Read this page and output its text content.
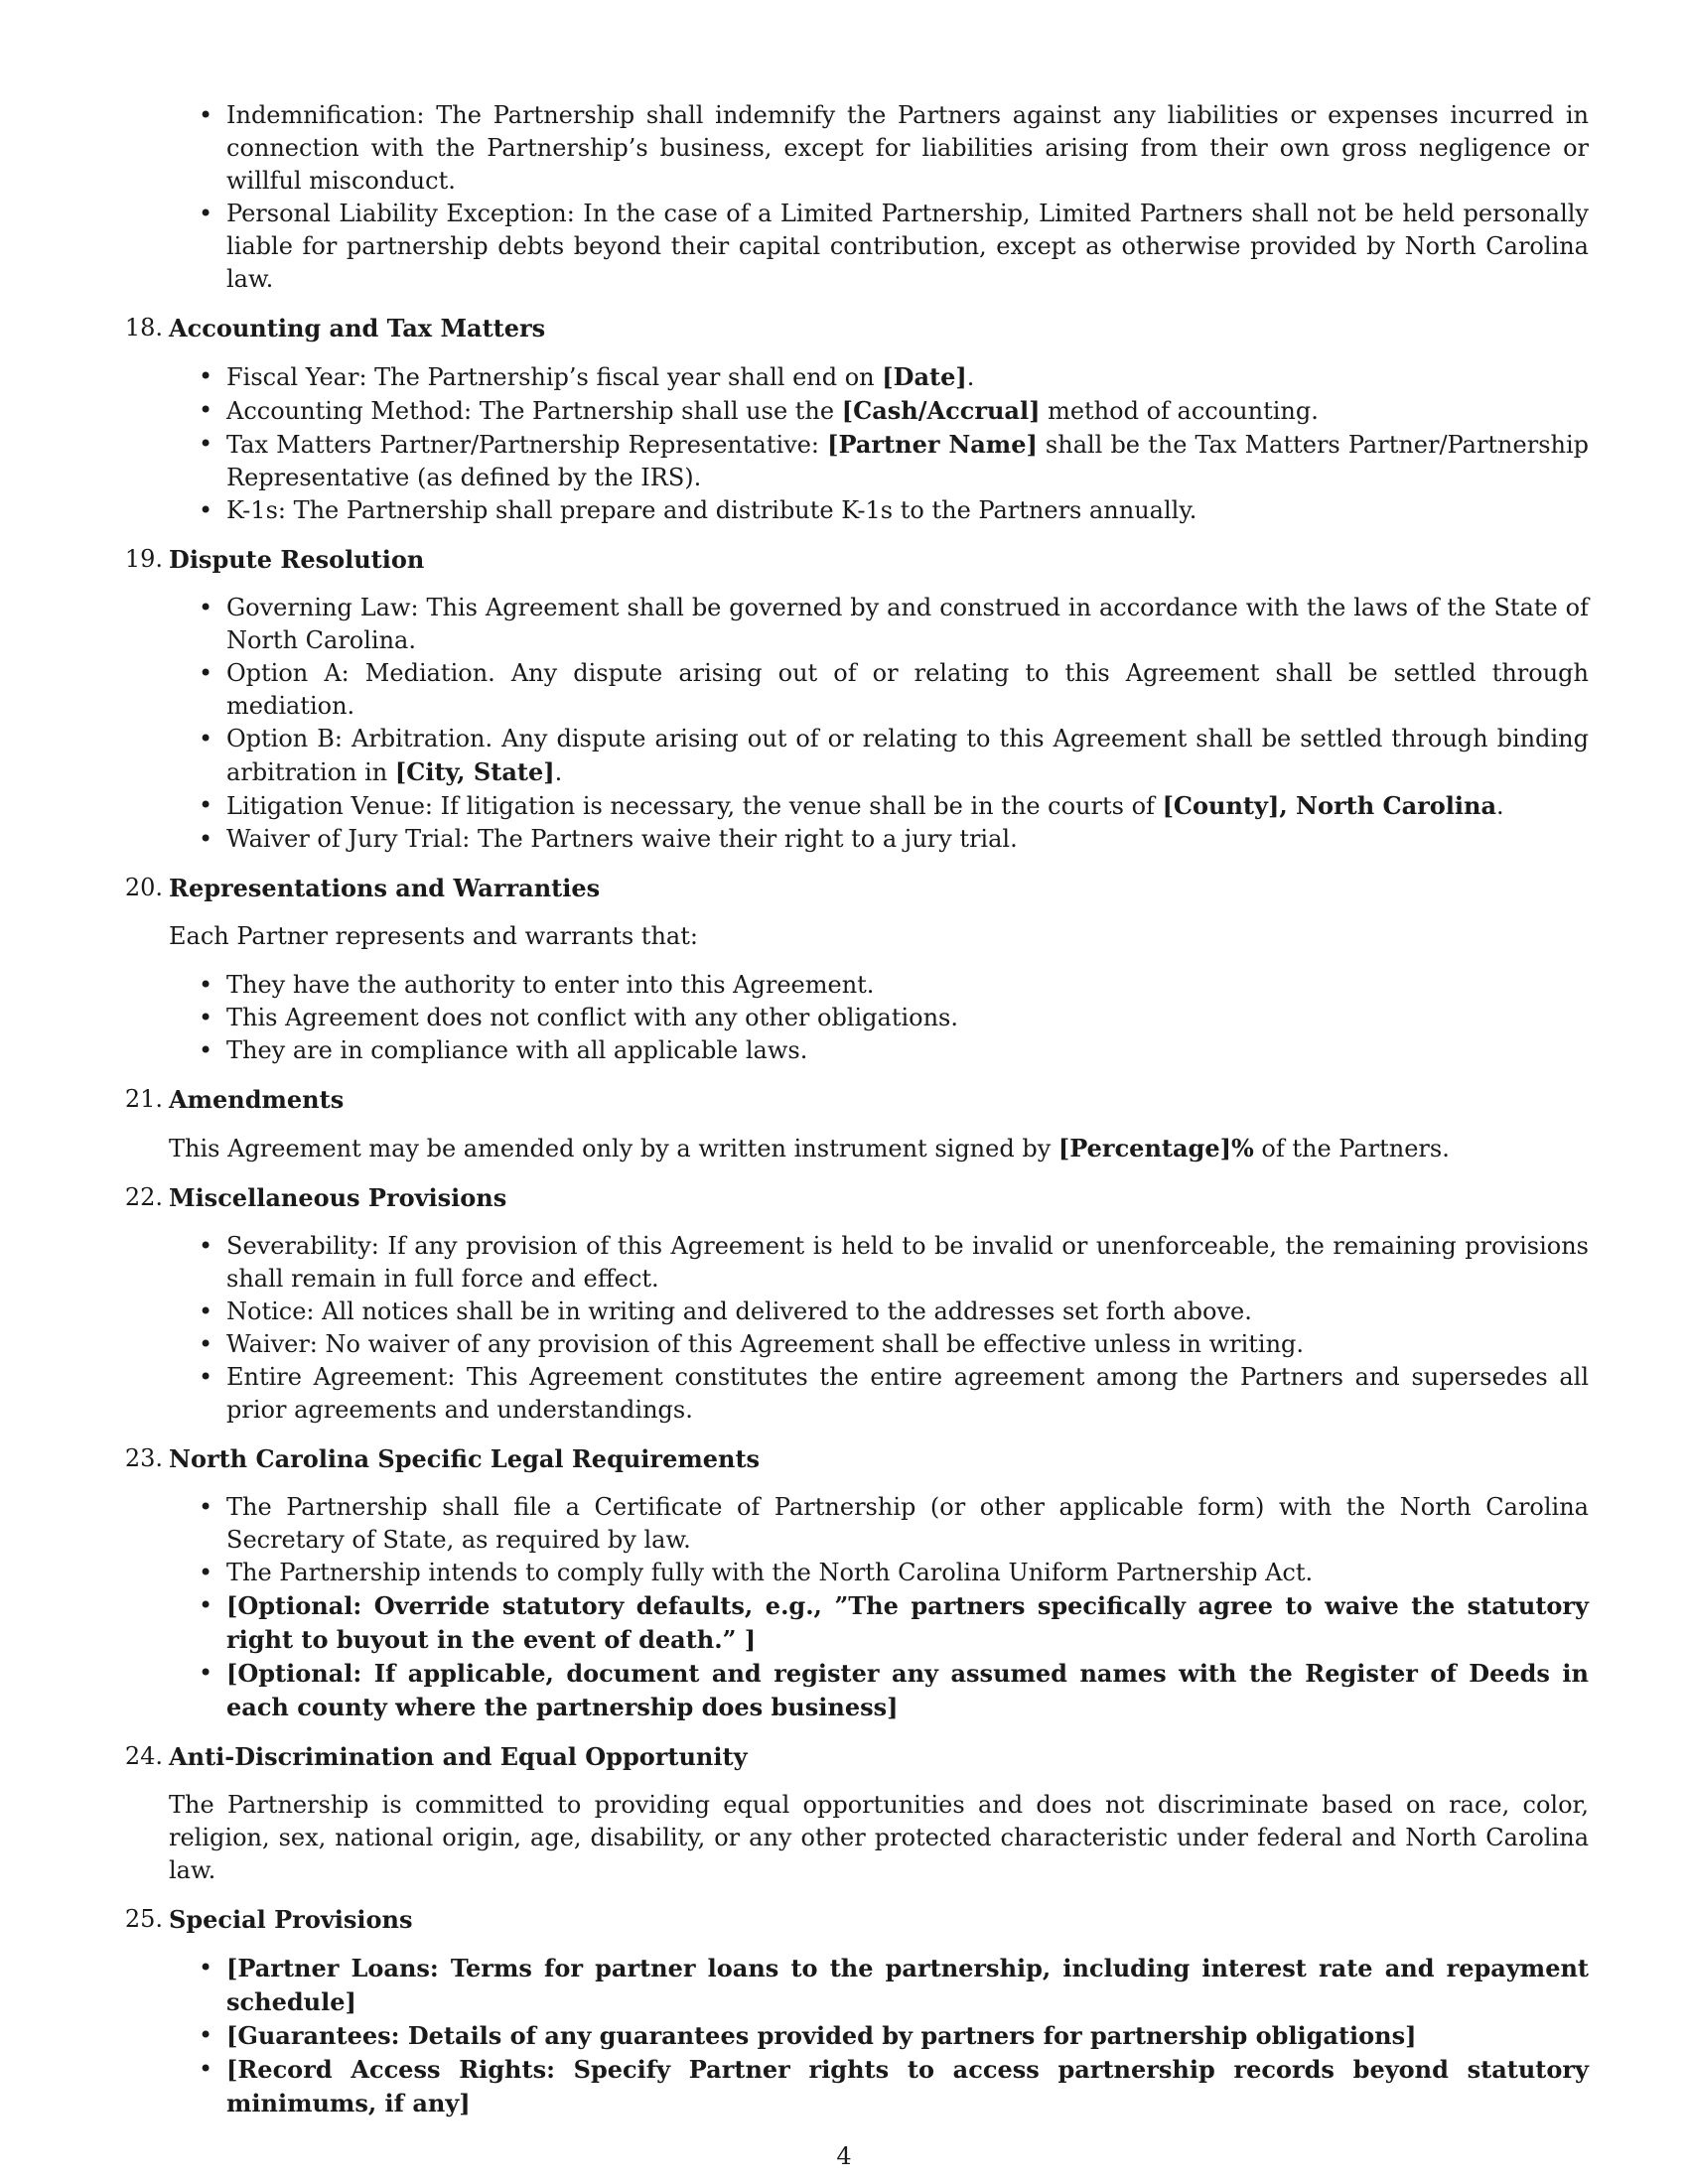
• Indemnification: The Partnership shall indemnify the Partners against any liabilities or expenses incurred in connection with the Partnership’s business, except for liabilities arising from their own gross negligence or willful misconduct.
• Personal Liability Exception: In the case of a Limited Partnership, Limited Partners shall not be held personally liable for partnership debts beyond their capital contribution, except as otherwise provided by North Carolina law.
18. Accounting and Tax Matters
• Fiscal Year: The Partnership’s fiscal year shall end on [Date].
• Accounting Method: The Partnership shall use the [Cash/Accrual] method of accounting.
• Tax Matters Partner/Partnership Representative: [Partner Name] shall be the Tax Matters Partner/Partnership Representative (as defined by the IRS).
• K-1s: The Partnership shall prepare and distribute K-1s to the Partners annually.
19. Dispute Resolution
• Governing Law: This Agreement shall be governed by and construed in accordance with the laws of the State of North Carolina.
• Option A: Mediation. Any dispute arising out of or relating to this Agreement shall be settled through mediation.
• Option B: Arbitration. Any dispute arising out of or relating to this Agreement shall be settled through binding arbitration in [City, State].
• Litigation Venue: If litigation is necessary, the venue shall be in the courts of [County], North Carolina.
• Waiver of Jury Trial: The Partners waive their right to a jury trial.
20. Representations and Warranties

Each Partner represents and warrants that:

• They have the authority to enter into this Agreement.
• This Agreement does not conflict with any other obligations.
• They are in compliance with all applicable laws.
21. Amendments

This Agreement may be amended only by a written instrument signed by [Percentage]% of the Partners.

22. Miscellaneous Provisions
• Severability: If any provision of this Agreement is held to be invalid or unenforceable, the remaining provisions shall remain in full force and effect.
• Notice: All notices shall be in writing and delivered to the addresses set forth above.
• Waiver: No waiver of any provision of this Agreement shall be effective unless in writing.
• Entire Agreement: This Agreement constitutes the entire agreement among the Partners and supersedes all prior agreements and understandings.
23. North Carolina Specific Legal Requirements
• The Partnership shall file a Certificate of Partnership (or other applicable form) with the North Carolina Secretary of State, as required by law.
• The Partnership intends to comply fully with the North Carolina Uniform Partnership Act.
• [Optional: Override statutory defaults, e.g., ”The partners specifically agree to waive the statutory right to buyout in the event of death.” ]
• [Optional: If applicable, document and register any assumed names with the Register of Deeds in each county where the partnership does business]
24. Anti-Discrimination and Equal Opportunity

The Partnership is committed to providing equal opportunities and does not discriminate based on race, color, religion, sex, national origin, age, disability, or any other protected characteristic under federal and North Carolina law.

25. Special Provisions
• [Partner Loans: Terms for partner loans to the partnership, including interest rate and repayment schedule]
• [Guarantees: Details of any guarantees provided by partners for partnership obligations]
• [Record Access Rights: Specify Partner rights to access partnership records beyond statutory minimums, if any]
4
